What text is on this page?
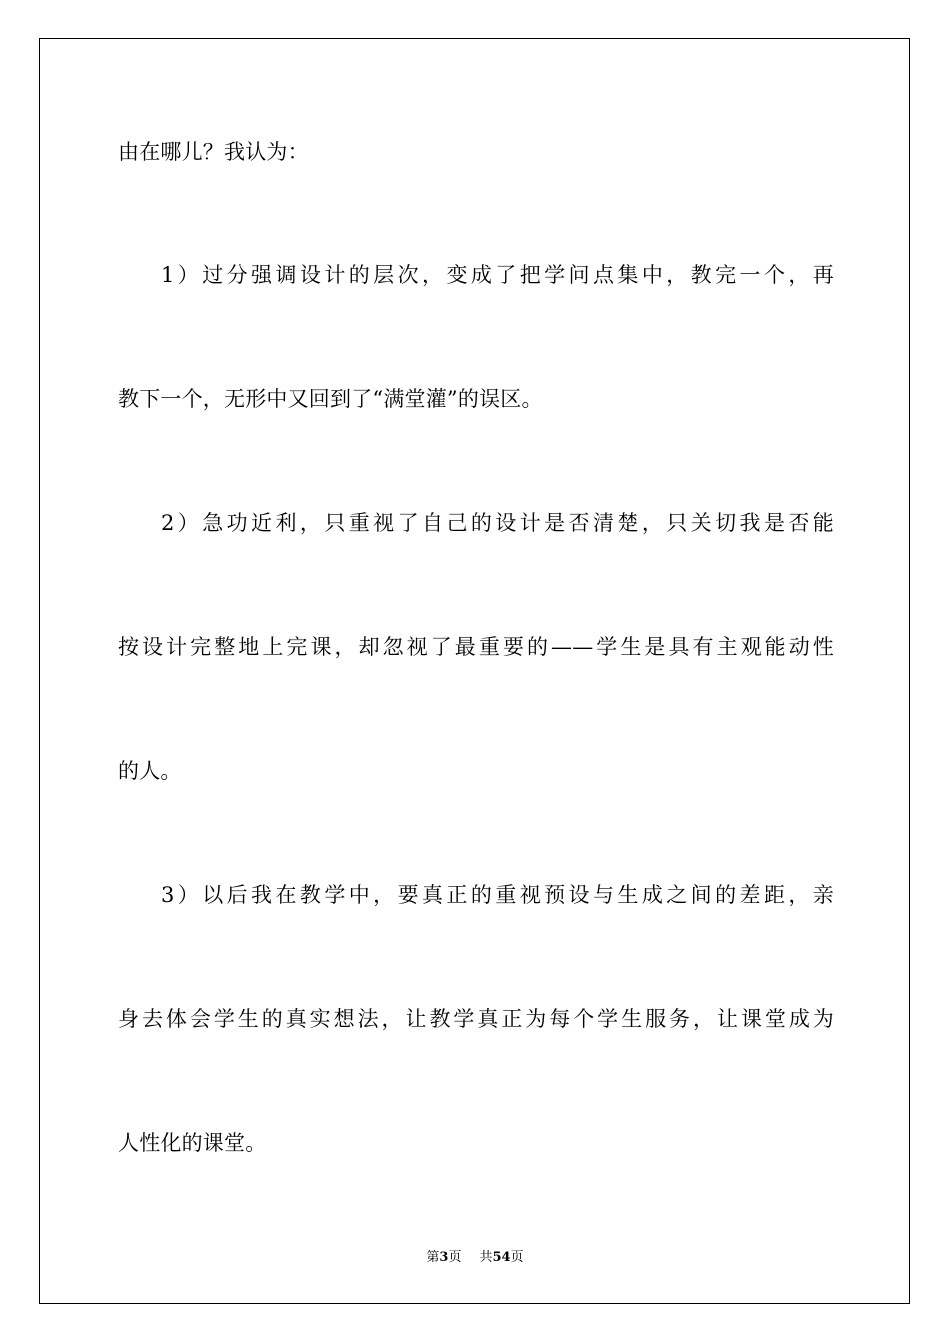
由在哪儿？我认为：
1）过分强调设计的层次，变成了把学问点集中，教完一个，再
教下一个，无形中又回到了“满堂灌”的误区。
2）急功近利，只重视了自己的设计是否清楚，只关切我是否能
按设计完整地上完课，却忽视了最重要的——学生是具有主观能动性
的人。
3）以后我在教学中，要真正的重视预设与生成之间的差距，亲
身去体会学生的真实想法，让教学真正为每个学生服务，让课堂成为
人性化的课堂。
第3页 共54页
